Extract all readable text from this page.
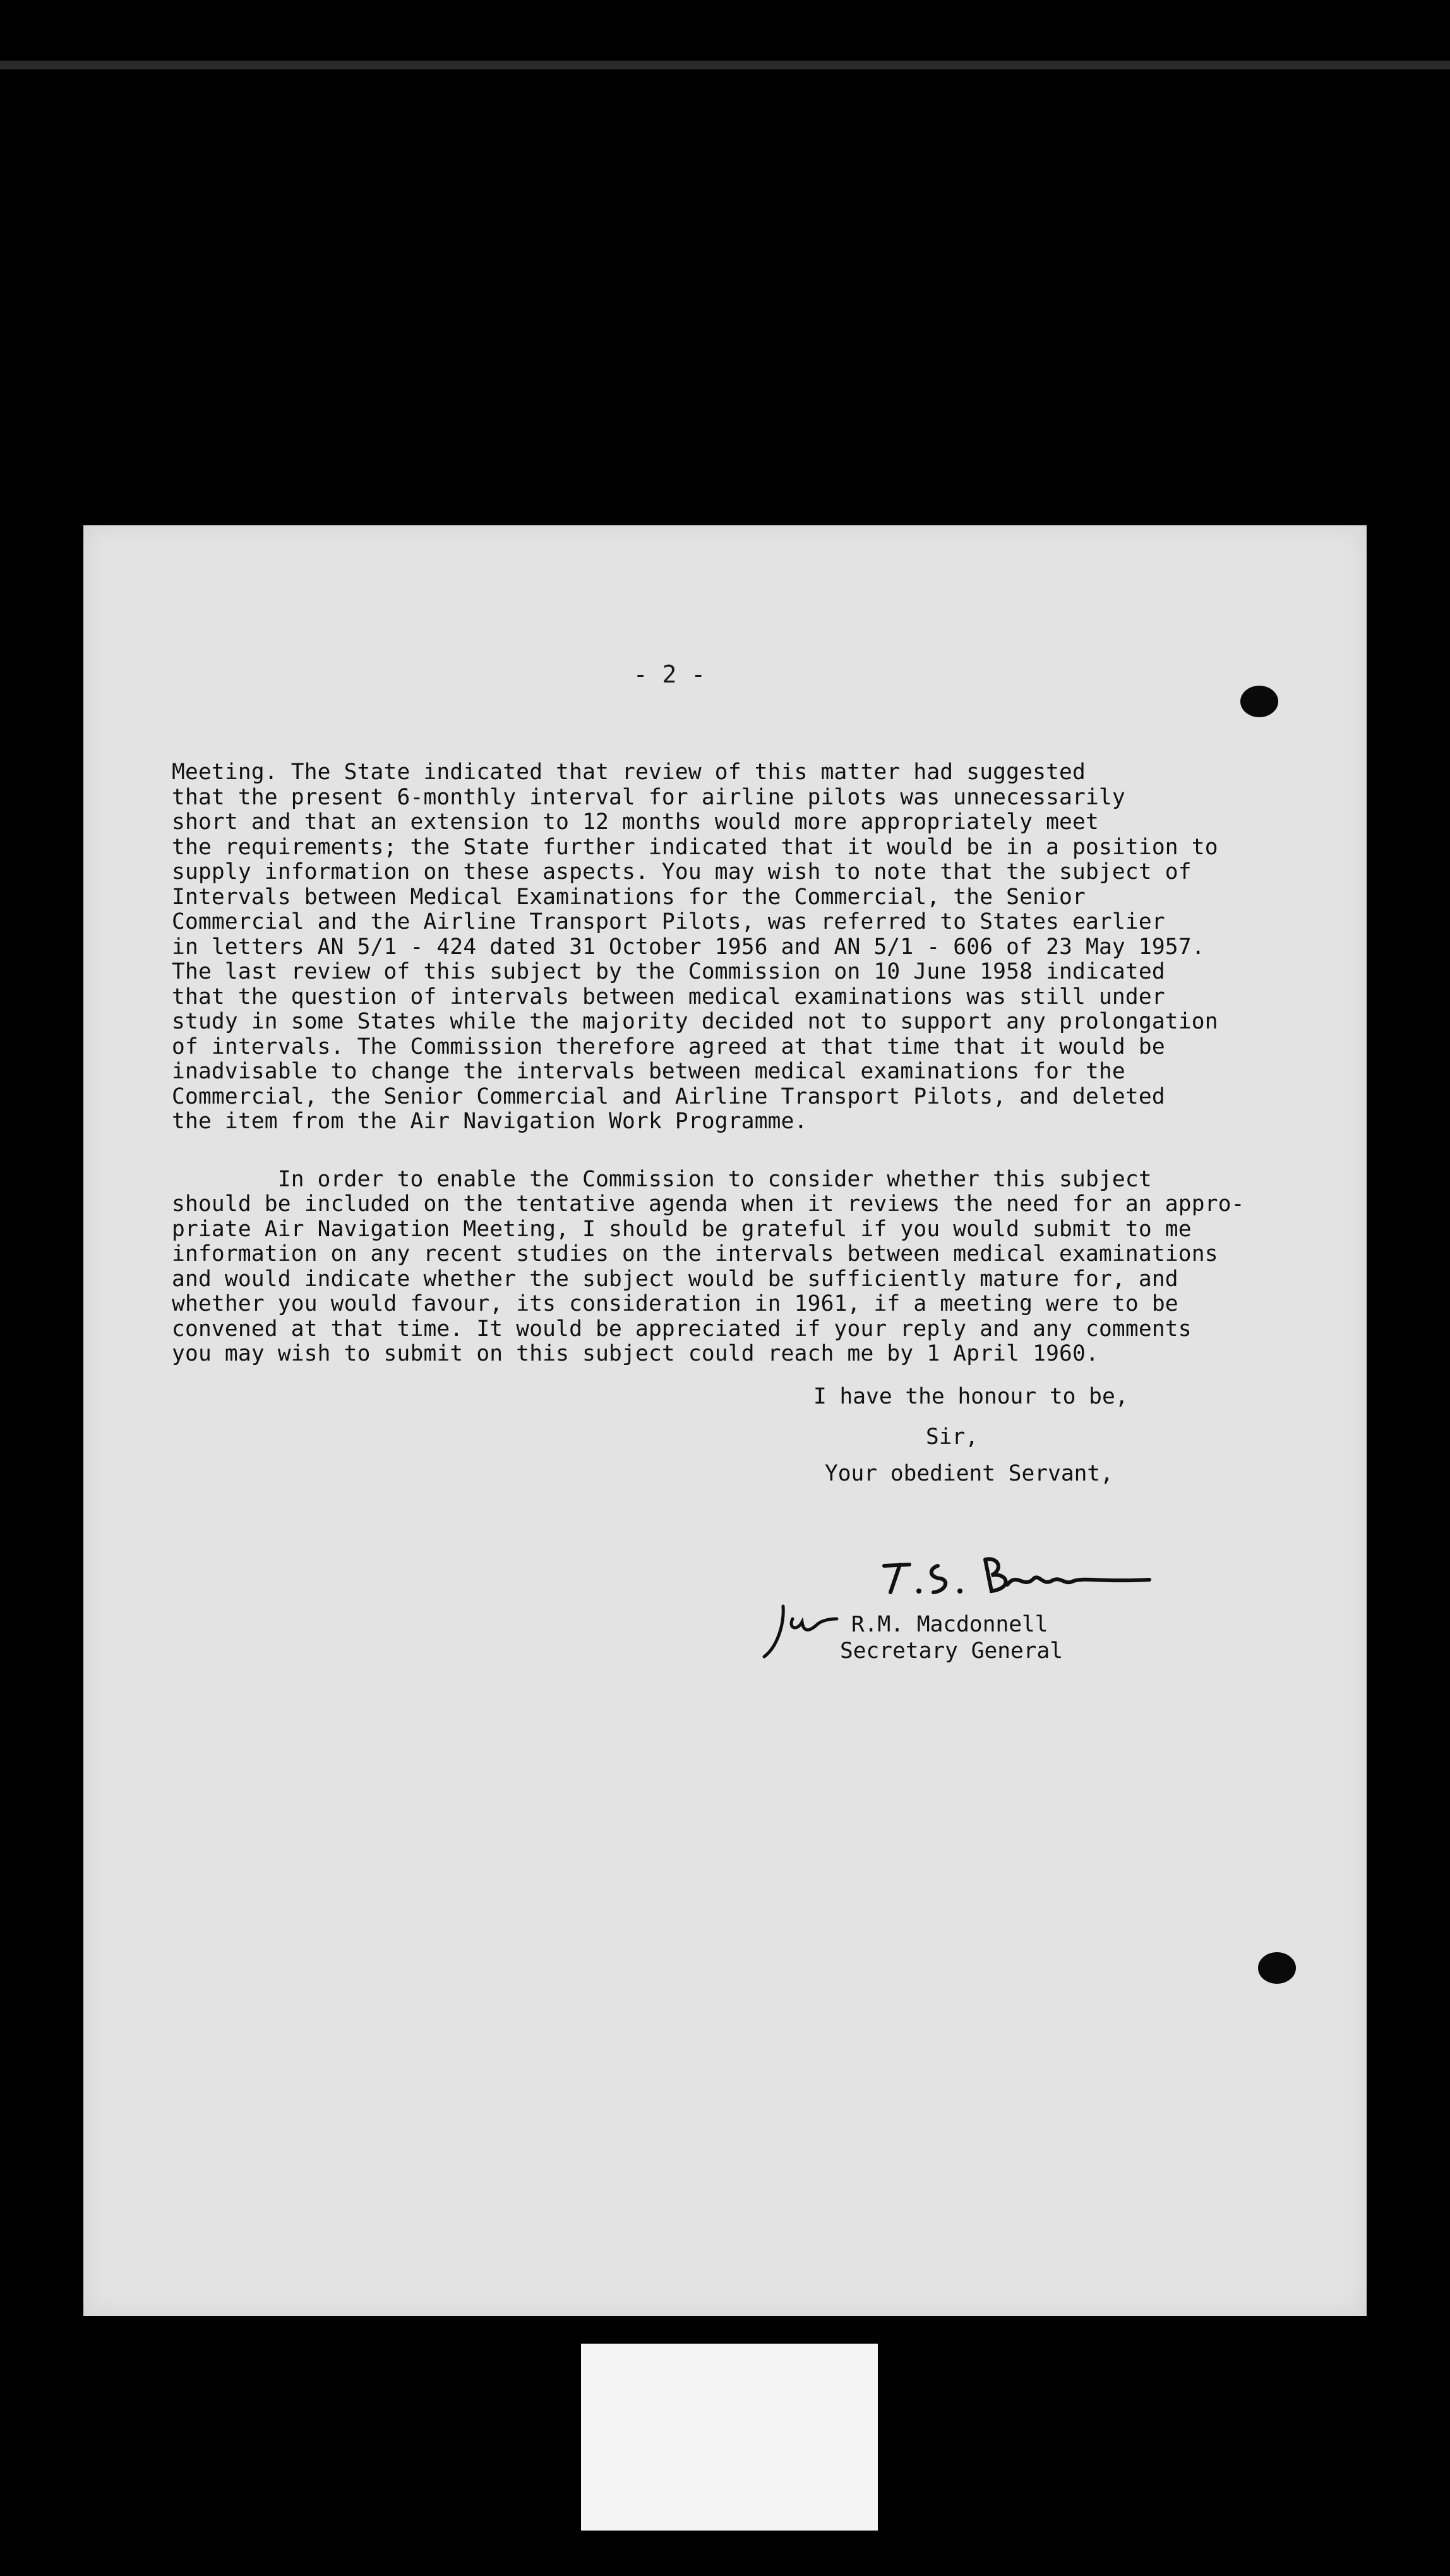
- 2 -
Meeting. The State indicated that review of this matter had suggested
that the present 6-monthly interval for airline pilots was unnecessarily
short and that an extension to 12 months would more appropriately meet
the requirements; the State further indicated that it would be in a position to
supply information on these aspects. You may wish to note that the subject of
Intervals between Medical Examinations for the Commercial, the Senior
Commercial and the Airline Transport Pilots, was referred to States earlier
in letters AN 5/1 - 424 dated 31 October 1956 and AN 5/1 - 606 of 23 May 1957.
The last review of this subject by the Commission on 10 June 1958 indicated
that the question of intervals between medical examinations was still under
study in some States while the majority decided not to support any prolongation
of intervals. The Commission therefore agreed at that time that it would be
inadvisable to change the intervals between medical examinations for the
Commercial, the Senior Commercial and Airline Transport Pilots, and deleted
the item from the Air Navigation Work Programme.
In order to enable the Commission to consider whether this subject
should be included on the tentative agenda when it reviews the need for an appro-
priate Air Navigation Meeting, I should be grateful if you would submit to me
information on any recent studies on the intervals between medical examinations
and would indicate whether the subject would be sufficiently mature for, and
whether you would favour, its consideration in 1961, if a meeting were to be
convened at that time. It would be appreciated if your reply and any comments
you may wish to submit on this subject could reach me by 1 April 1960.
I have the honour to be,
Sir,
Your obedient Servant,
R.M. Macdonnell
Secretary General
